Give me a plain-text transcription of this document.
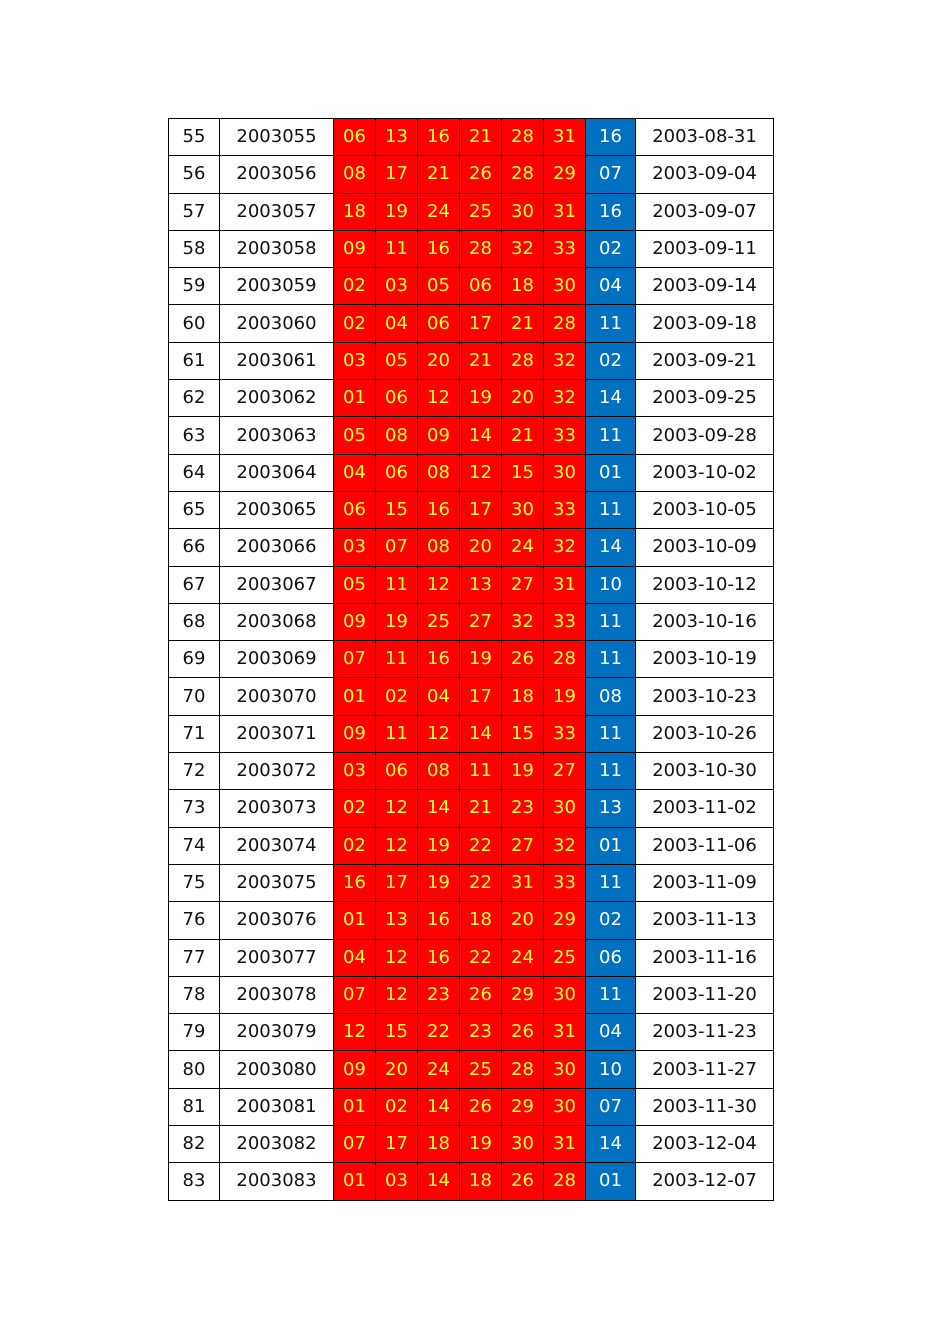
55	2003055	06	13	16	21	28	31	16	2003-08-31
56	2003056	08	17	21	26	28	29	07	2003-09-04
57	2003057	18	19	24	25	30	31	16	2003-09-07
58	2003058	09	11	16	28	32	33	02	2003-09-11
59	2003059	02	03	05	06	18	30	04	2003-09-14
60	2003060	02	04	06	17	21	28	11	2003-09-18
61	2003061	03	05	20	21	28	32	02	2003-09-21
62	2003062	01	06	12	19	20	32	14	2003-09-25
63	2003063	05	08	09	14	21	33	11	2003-09-28
64	2003064	04	06	08	12	15	30	01	2003-10-02
65	2003065	06	15	16	17	30	33	11	2003-10-05
66	2003066	03	07	08	20	24	32	14	2003-10-09
67	2003067	05	11	12	13	27	31	10	2003-10-12
68	2003068	09	19	25	27	32	33	11	2003-10-16
69	2003069	07	11	16	19	26	28	11	2003-10-19
70	2003070	01	02	04	17	18	19	08	2003-10-23
71	2003071	09	11	12	14	15	33	11	2003-10-26
72	2003072	03	06	08	11	19	27	11	2003-10-30
73	2003073	02	12	14	21	23	30	13	2003-11-02
74	2003074	02	12	19	22	27	32	01	2003-11-06
75	2003075	16	17	19	22	31	33	11	2003-11-09
76	2003076	01	13	16	18	20	29	02	2003-11-13
77	2003077	04	12	16	22	24	25	06	2003-11-16
78	2003078	07	12	23	26	29	30	11	2003-11-20
79	2003079	12	15	22	23	26	31	04	2003-11-23
80	2003080	09	20	24	25	28	30	10	2003-11-27
81	2003081	01	02	14	26	29	30	07	2003-11-30
82	2003082	07	17	18	19	30	31	14	2003-12-04
83	2003083	01	03	14	18	26	28	01	2003-12-07
